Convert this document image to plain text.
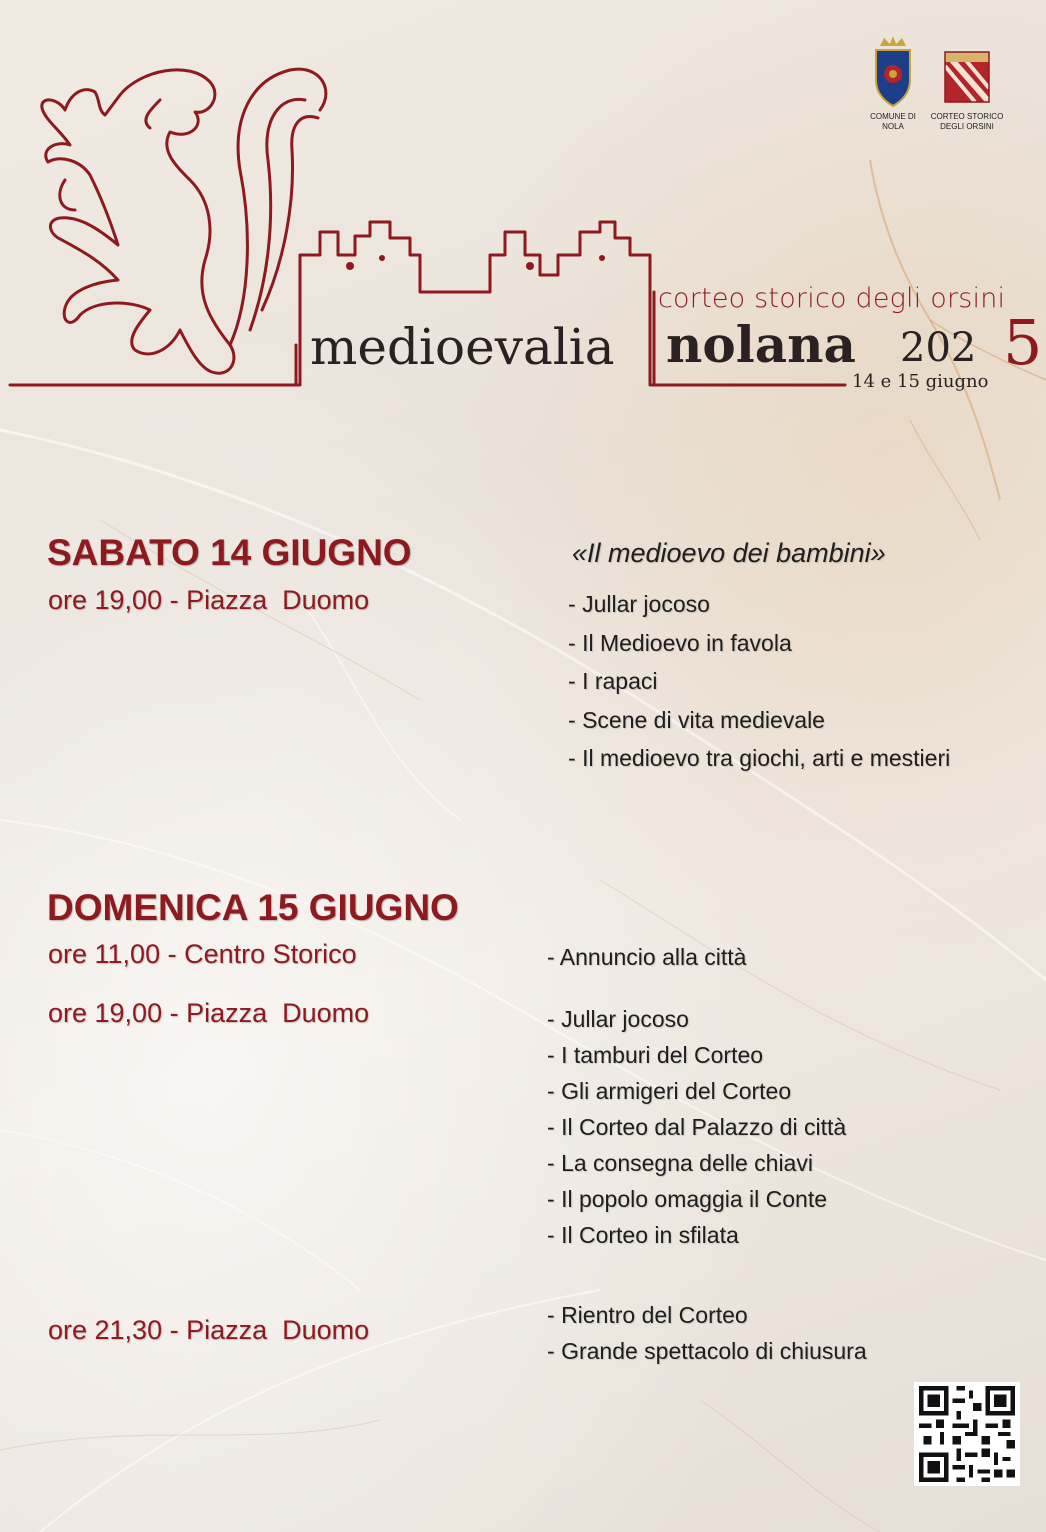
corteo storico degli orsini
medioevalia nolana 202 5
14 e 15 giugno
COMUNE DI
NOLA
CORTEO STORICO
DEGLI ORSINI
SABATO 14 GIUGNO
ore 19,00 - Piazza  Duomo
«Il medioevo dei bambini»
- Jullar jocoso
- Il Medioevo in favola
- I rapaci
- Scene di vita medievale
- Il medioevo tra giochi, arti e mestieri
DOMENICA 15 GIUGNO
ore 11,00 - Centro Storico	- Annuncio alla città
ore 19,00 - Piazza  Duomo	- Jullar jocoso
- I tamburi del Corteo
- Gli armigeri del Corteo
- Il Corteo dal Palazzo di città
- La consegna delle chiavi
- Il popolo omaggia il Conte
- Il Corteo in sfilata
ore 21,30 - Piazza  Duomo	- Rientro del Corteo
- Grande spettacolo di chiusura
